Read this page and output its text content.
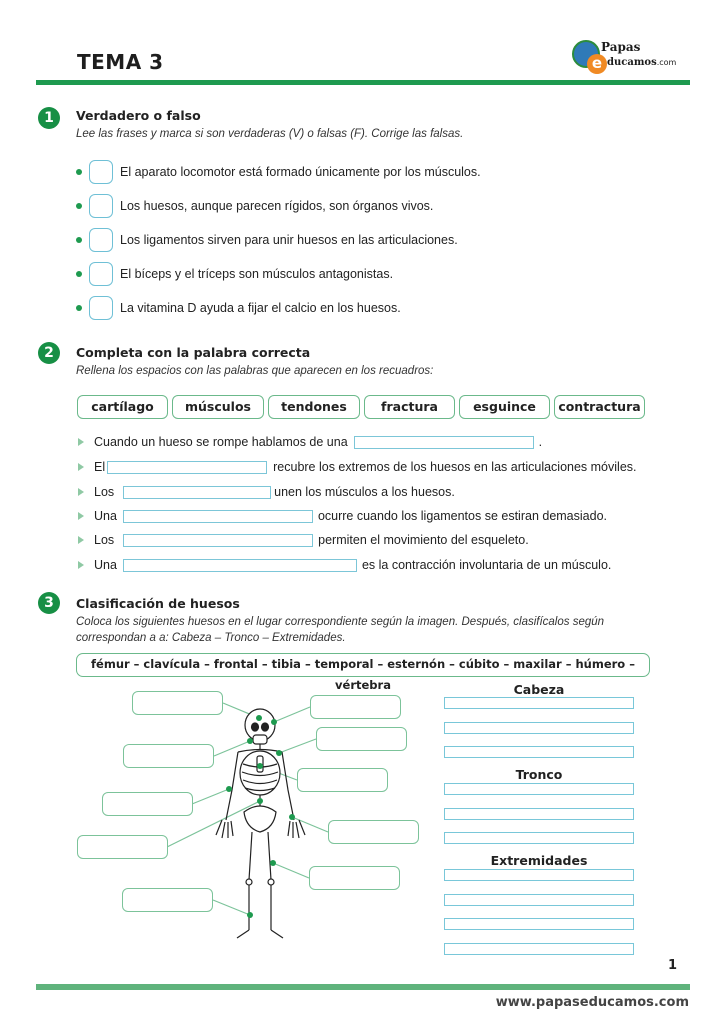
TEMA 3	e
Papas
ducamos.com
1	Verdadero o falso
Lee las frases y marca si son verdaderas (V) o falsas (F). Corrige las falsas.
El aparato locomotor está formado únicamente por los músculos.
Los huesos, aunque parecen rígidos, son órganos vivos.
Los ligamentos sirven para unir huesos en las articulaciones.
El bíceps y el tríceps son músculos antagonistas.
La vitamina D ayuda a fijar el calcio en los huesos.
2	Completa con la palabra correcta
Rellena los espacios con las palabras que aparecen en los recuadros:
cartílago	músculos	tendones	fractura	esguince	contractura
Cuando un hueso se rompe hablamos de una	.
El	recubre los extremos de los huesos en las articulaciones móviles.
Los	unen los músculos a los huesos.
Una	ocurre cuando los ligamentos se estiran demasiado.
Los	permiten el movimiento del esqueleto.
Una	es la contracción involuntaria de un músculo.
3	Clasificación de huesos
Coloca los siguientes huesos en el lugar correspondiente según la imagen. Después, clasifícalos según
correspondan a a: Cabeza – Tronco – Extremidades.
fémur – clavícula – frontal – tibia – temporal – esternón – cúbito – maxilar – húmero – vértebra	Cabeza
Tronco
Extremidades
1
www.papaseducamos.com
